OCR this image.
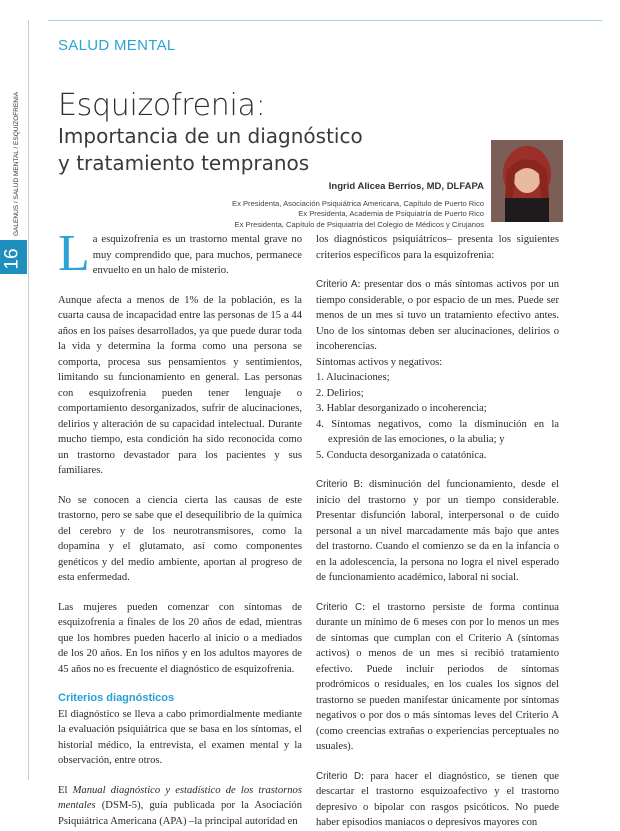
SALUD MENTAL
GALENUS / SALUD MENTAL / ESQUIZOFRENIA
16
Esquizofrenia:
Importancia de un diagnóstico
y tratamiento tempranos
Ingrid Alicea Berríos, MD, DLFAPA
Ex Presidenta, Asociación Psiquiátrica Americana, Capítulo de Puerto Rico
Ex Presidenta, Academia de Psiquiatría de Puerto Rico
Ex Presidenta, Capítulo de Psiquiatría del Colegio de Médicos y Cirujanos

La esquizofrenia es un trastorno mental grave no muy comprendido que, para muchos, permanece envuelto en un halo de misterio.

Aunque afecta a menos de 1% de la población, es la cuarta causa de incapacidad entre las personas de 15 a 44 años en los países desarrollados, ya que puede durar toda la vida y determina la forma como una persona se comporta, procesa sus pensamientos y sentimientos, limitando su funcionamiento en general. Las personas con esquizofrenia pueden tener lenguaje o comportamiento desorganizados, sufrir de alucinaciones, delirios y alteración de su capacidad intelectual. Durante mucho tiempo, esta condición ha sido reconocida como un trastorno devastador para los pacientes y sus familiares.

No se conocen a ciencia cierta las causas de este trastorno, pero se sabe que el desequilibrio de la química del cerebro y de los neurotransmisores, como la dopamina y el glutamato, así como componentes genéticos y del medio ambiente, aportan al progreso de esta enfermedad.

Las mujeres pueden comenzar con síntomas de esquizofrenia a finales de los 20 años de edad, mientras que los hombres pueden hacerlo al inicio o a mediados de los 20 años. En los niños y en los adultos mayores de 45 años no es frecuente el diagnóstico de esquizofrenia.

Criterios diagnósticos

El diagnóstico se lleva a cabo primordialmente mediante la evaluación psiquiátrica que se basa en los síntomas, el historial médico, la entrevista, el examen mental y la observación, entre otros.

El Manual diagnóstico y estadístico de los trastornos mentales (DSM-5), guía publicada por la Asociación Psiquiátrica Americana (APA) –la principal autoridad en

los diagnósticos psiquiátricos– presenta los siguientes criterios específicos para la esquizofrenia:

Criterio A: presentar dos o más síntomas activos por un tiempo considerable, o por espacio de un mes. Puede ser menos de un mes si tuvo un tratamiento efectivo antes. Uno de los síntomas deben ser alucinaciones, delirios o incoherencias.

Síntomas activos y negativos:

1. Alucinaciones;

2. Delirios;

3. Hablar desorganizado o incoherencia;

4. Síntomas negativos, como la disminución en la expresión de las emociones, o la abulia; y

5. Conducta desorganizada o catatónica.

Criterio B: disminución del funcionamiento, desde el inicio del trastorno y por un tiempo considerable. Presentar disfunción laboral, interpersonal o de cuido personal a un nivel marcadamente más bajo que antes del trastorno. Cuando el comienzo se da en la infancia o en la adolescencia, la persona no logra el nivel esperado de funcionamiento académico, laboral ni social.

Criterio C: el trastorno persiste de forma continua durante un mínimo de 6 meses con por lo menos un mes de síntomas que cumplan con el Criterio A (síntomas activos) o menos de un mes si recibió tratamiento efectivo. Puede incluir periodos de síntomas prodrómicos o residuales, en los cuales los signos del trastorno se pueden manifestar únicamente por síntomas negativos o por dos o más síntomas leves del Criterio A (como creencias extrañas o experiencias perceptuales no usuales).

Criterio D: para hacer el diagnóstico, se tienen que descartar el trastorno esquizoafectivo y el trastorno depresivo o bipolar con rasgos psicóticos. No puede haber episodios maniacos o depresivos mayores con
